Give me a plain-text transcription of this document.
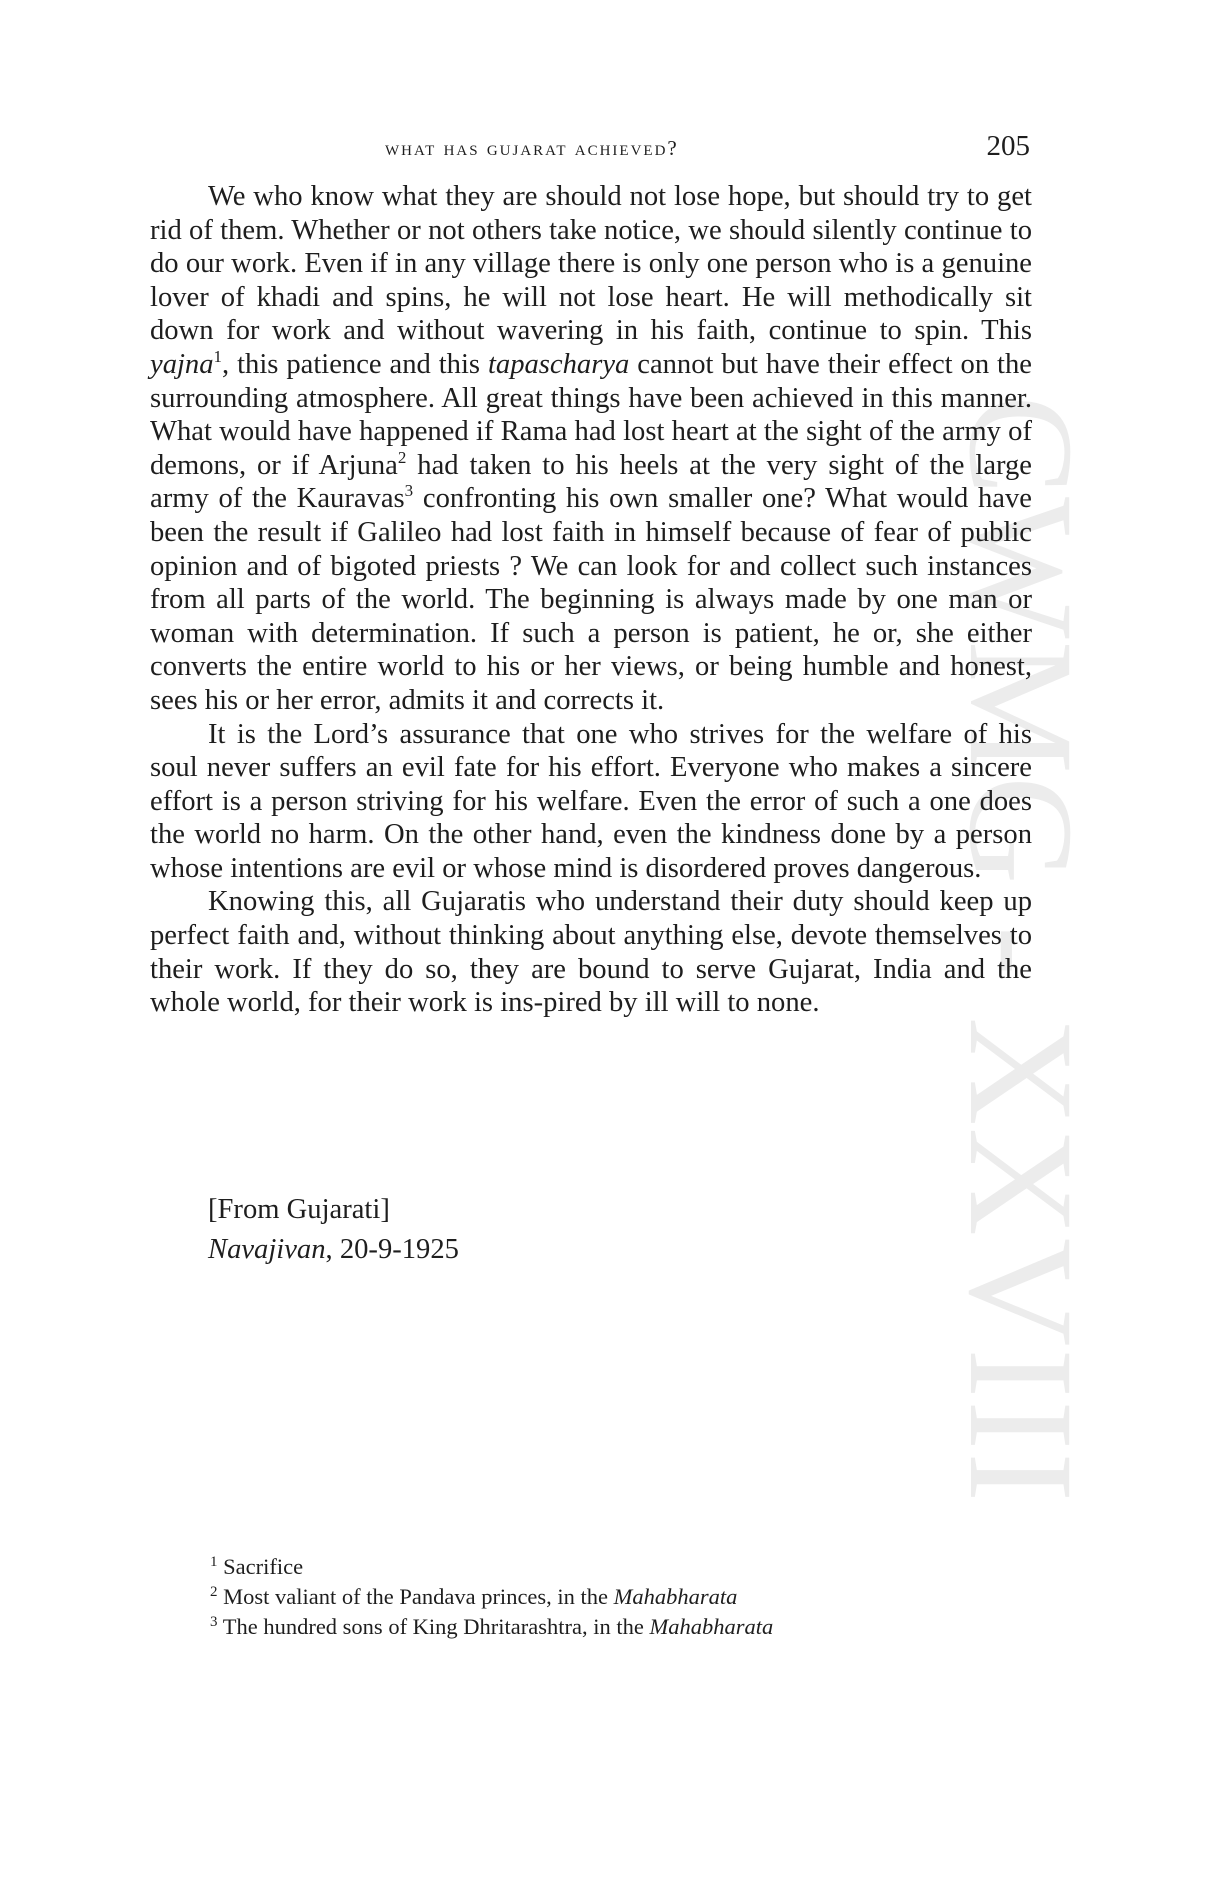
CWMG - XXVIII
what has gujarat achieved?	205

We who know what they are should not lose hope, but should try to get rid of them. Whether or not others take notice, we should silently continue to do our work. Even if in any village there is only one person who is a genuine lover of khadi and spins, he will not lose heart. He will methodically sit down for work and without wavering in his faith, continue to spin. This yajna$^1$, this patience and this tapascharya cannot but have their effect on the surrounding atmosphere. All great things have been achieved in this manner. What would have happened if Rama had lost heart at the sight of the army of demons, or if Arjuna$^2$ had taken to his heels at the very sight of the large army of the Kauravas$^3$ confronting his own smaller one? What would have been the result if Galileo had lost faith in himself because of fear of public opinion and of bigoted priests ? We can look for and collect such instances from all parts of the world. The beginning is always made by one man or woman with determination. If such a person is patient, he or, she either converts the entire world to his or her views, or being humble and honest, sees his or her error, admits it and corrects it.

It is the Lord’s assurance that one who strives for the welfare of his soul never suffers an evil fate for his effort. Everyone who makes a sincere effort is a person striving for his welfare. Even the error of such a one does the world no harm. On the other hand, even the kindness done by a person whose intentions are evil or whose mind is disordered proves dangerous.

Knowing this, all Gujaratis who understand their duty should keep up perfect faith and, without thinking about anything else, devote themselves to their work. If they do so, they are bound to serve Gujarat, India and the whole world, for their work is ins-pired by ill will to none.

[From Gujarati]
Navajivan, 20-9-1925
$^1$ Sacrifice
$^2$ Most valiant of the Pandava princes, in the Mahabharata
$^3$ The hundred sons of King Dhritarashtra, in the Mahabharata
